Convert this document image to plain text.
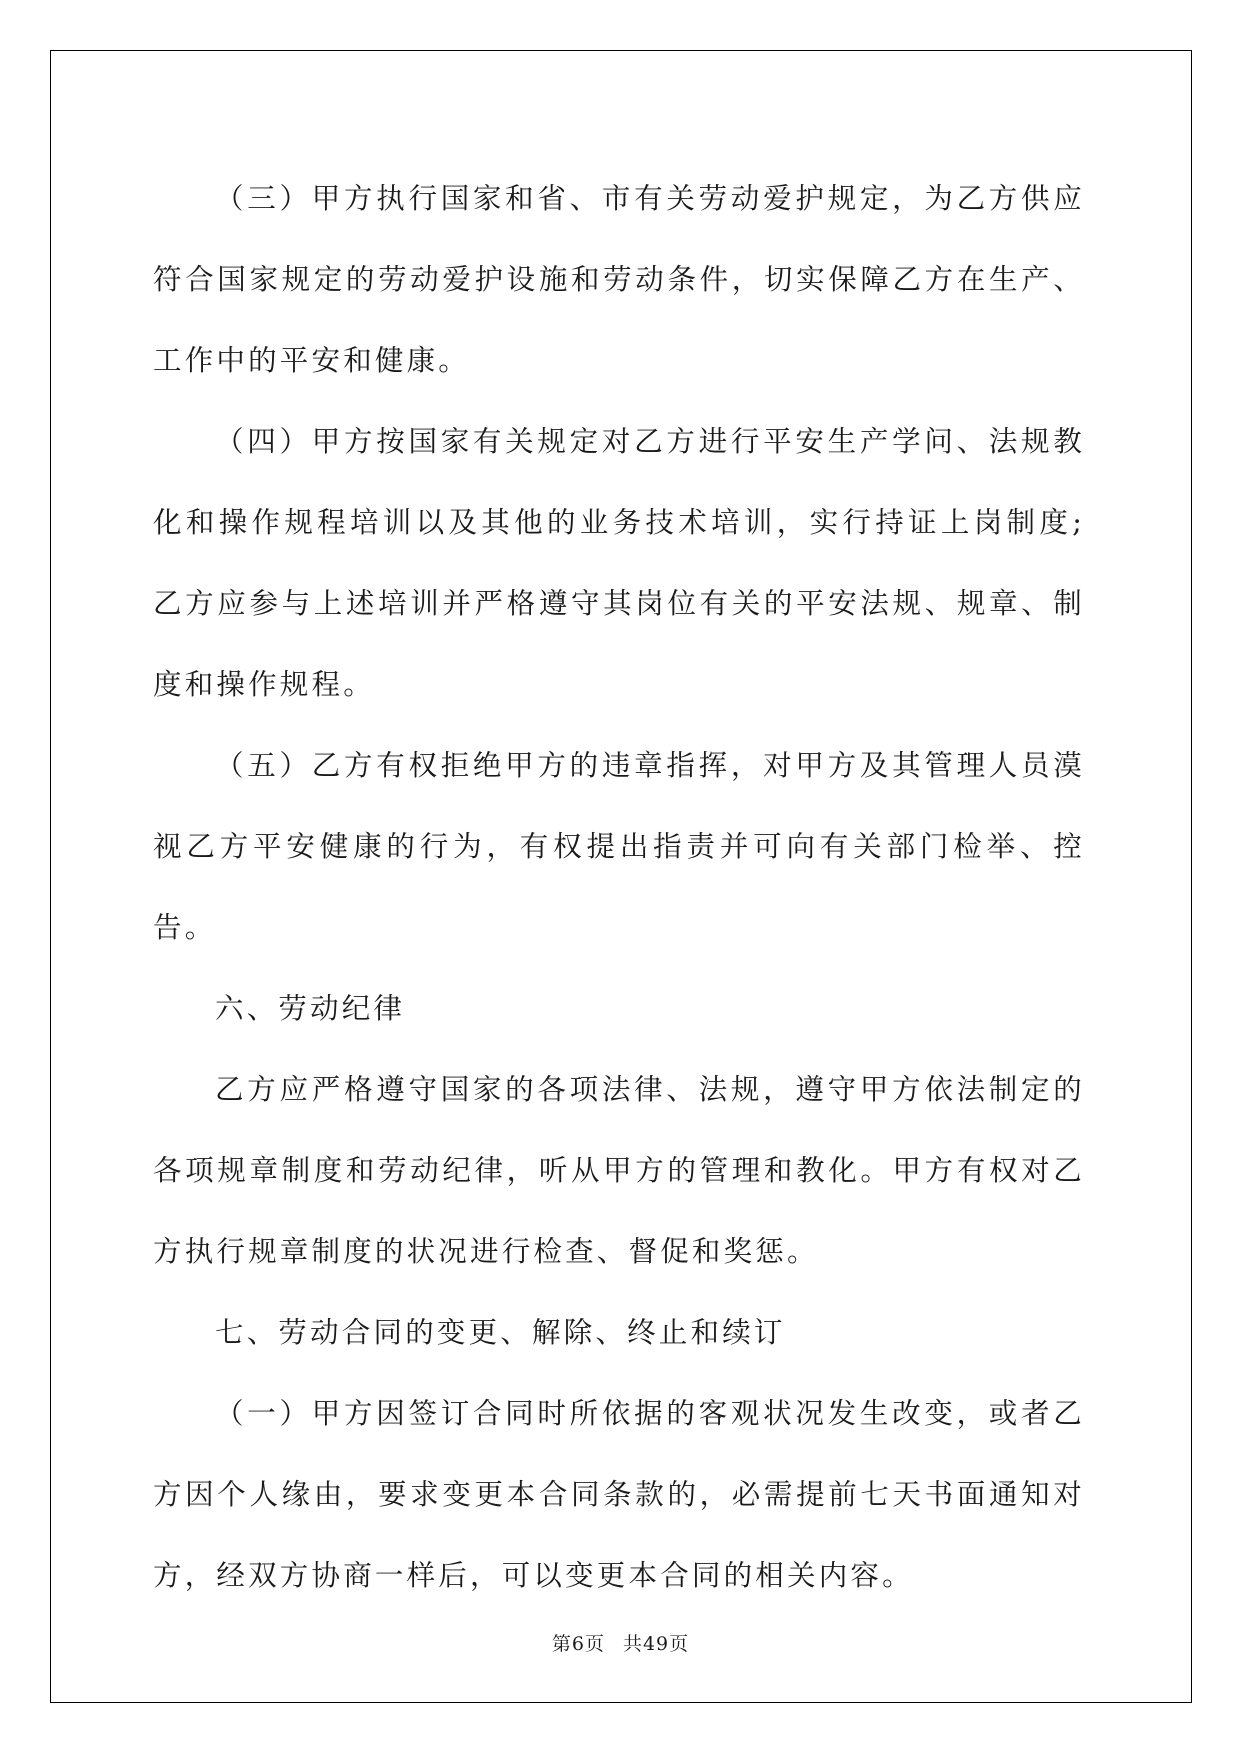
（三）甲方执行国家和省、市有关劳动爱护规定，为乙方供应符合国家规定的劳动爱护设施和劳动条件，切实保障乙方在生产、工作中的平安和健康。

（四）甲方按国家有关规定对乙方进行平安生产学问、法规教化和操作规程培训以及其他的业务技术培训，实行持证上岗制度;乙方应参与上述培训并严格遵守其岗位有关的平安法规、规章、制度和操作规程。

（五）乙方有权拒绝甲方的违章指挥，对甲方及其管理人员漠视乙方平安健康的行为，有权提出指责并可向有关部门检举、控告。

六、劳动纪律

乙方应严格遵守国家的各项法律、法规，遵守甲方依法制定的各项规章制度和劳动纪律，听从甲方的管理和教化。甲方有权对乙方执行规章制度的状况进行检查、督促和奖惩。

七、劳动合同的变更、解除、终止和续订

（一）甲方因签订合同时所依据的客观状况发生改变，或者乙方因个人缘由，要求变更本合同条款的，必需提前七天书面通知对方，经双方协商一样后，可以变更本合同的相关内容。

第6页 共49页
